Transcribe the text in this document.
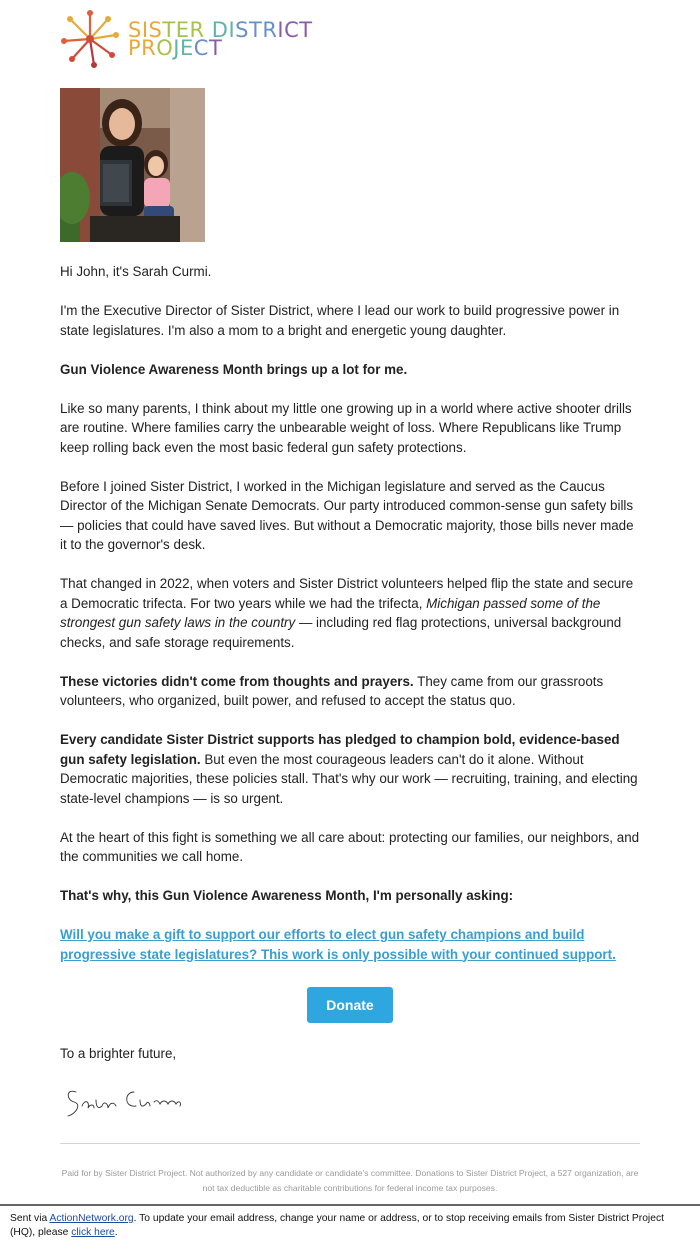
SISTER DISTRICT
PROJECT

Hi John, it's Sarah Curmi.

I'm the Executive Director of Sister District, where I lead our work to build progressive power in state legislatures. I'm also a mom to a bright and energetic young daughter.

Gun Violence Awareness Month brings up a lot for me.

Like so many parents, I think about my little one growing up in a world where active shooter drills are routine. Where families carry the unbearable weight of loss. Where Republicans like Trump keep rolling back even the most basic federal gun safety protections.

Before I joined Sister District, I worked in the Michigan legislature and served as the Caucus Director of the Michigan Senate Democrats. Our party introduced common-sense gun safety bills — policies that could have saved lives. But without a Democratic majority, those bills never made it to the governor's desk.

That changed in 2022, when voters and Sister District volunteers helped flip the state and secure a Democratic trifecta. For two years while we had the trifecta, Michigan passed some of the strongest gun safety laws in the country — including red flag protections, universal background checks, and safe storage requirements.

These victories didn't come from thoughts and prayers. They came from our grassroots volunteers, who organized, built power, and refused to accept the status quo.

Every candidate Sister District supports has pledged to champion bold, evidence-based gun safety legislation. But even the most courageous leaders can't do it alone. Without Democratic majorities, these policies stall. That's why our work — recruiting, training, and electing state-level champions — is so urgent.

At the heart of this fight is something we all care about: protecting our families, our neighbors, and the communities we call home.

That's why, this Gun Violence Awareness Month, I'm personally asking:

Will you make a gift to support our efforts to elect gun safety champions and build progressive state legislatures? This work is only possible with your continued support.

Donate
To a brighter future,
Paid for by Sister District Project. Not authorized by any candidate or candidate's committee. Donations to Sister District Project, a 527 organization, are not tax deductible as charitable contributions for federal income tax purposes.
Sent via ActionNetwork.org. To update your email address, change your name or address, or to stop receiving emails from Sister District Project (HQ), please click here.
